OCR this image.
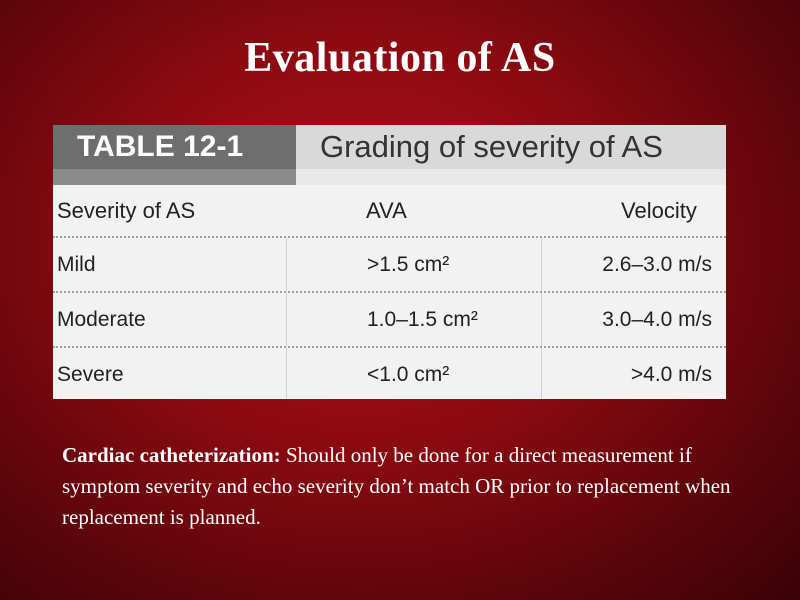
Evaluation of AS
TABLE 12-1	Grading of severity of AS
Severity of AS	AVA	Velocity
Mild	>1.5 cm²	2.6–3.0 m/s
Moderate	1.0–1.5 cm²	3.0–4.0 m/s
Severe	<1.0 cm²	>4.0 m/s
Cardiac catheterization: Should only be done for a direct measurement if symptom severity and echo severity don’t match OR prior to replacement when replacement is planned.
